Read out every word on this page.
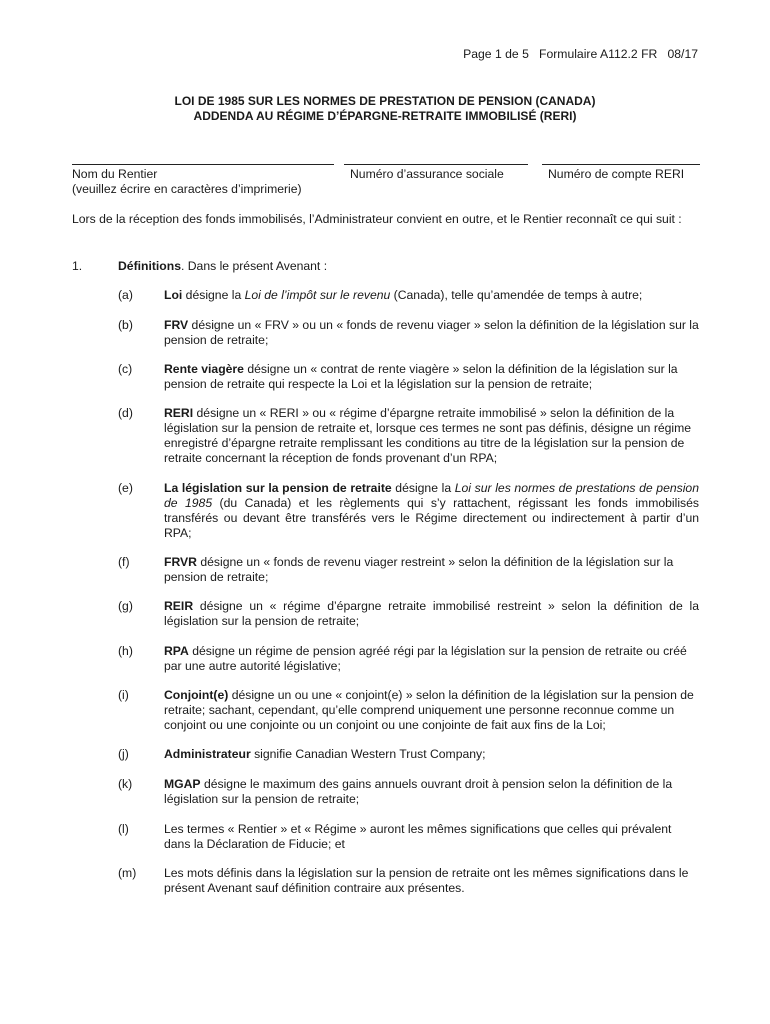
Page 1 de 5 Formulaire A112.2 FR 08/17
LOI DE 1985 SUR LES NORMES DE PRESTATION DE PENSION (CANADA)
ADDENDA AU RÉGIME D’ÉPARGNE-RETRAITE IMMOBILISÉ (RERI)
Nom du Rentier
(veuillez écrire en caractères d’imprimerie)
Numéro d’assurance sociale	Numéro de compte RERI
Lors de la réception des fonds immobilisés, l’Administrateur convient en outre, et le Rentier reconnaît ce qui suit :
1.	Définitions. Dans le présent Avenant :
(a)	Loi désigne la Loi de l’impôt sur le revenu (Canada), telle qu’amendée de temps à autre;
(b)	FRV désigne un « FRV » ou un « fonds de revenu viager » selon la définition de la législation sur la pension de retraite;
(c)	Rente viagère désigne un « contrat de rente viagère » selon la définition de la législation sur la pension de retraite qui respecte la Loi et la législation sur la pension de retraite;
(d)	RERI désigne un « RERI » ou « régime d’épargne retraite immobilisé » selon la définition de la législation sur la pension de retraite et, lorsque ces termes ne sont pas définis, désigne un régime enregistré d’épargne retraite remplissant les conditions au titre de la législation sur la pension de retraite concernant la réception de fonds provenant d’un RPA;
(e)	La législation sur la pension de retraite désigne la Loi sur les normes de prestations de pension de 1985 (du Canada) et les règlements qui s’y rattachent, régissant les fonds immobilisés transférés ou devant être transférés vers le Régime directement ou indirectement à partir d’un RPA;
(f)	FRVR désigne un « fonds de revenu viager restreint » selon la définition de la législation sur la pension de retraite;
(g)	REIR désigne un « régime d’épargne retraite immobilisé restreint » selon la définition de la législation sur la pension de retraite;
(h)	RPA désigne un régime de pension agréé régi par la législation sur la pension de retraite ou créé par une autre autorité législative;
(i)	Conjoint(e) désigne un ou une « conjoint(e) » selon la définition de la législation sur la pension de retraite; sachant, cependant, qu’elle comprend uniquement une personne reconnue comme un conjoint ou une conjointe ou un conjoint ou une conjointe de fait aux fins de la Loi;
(j)	Administrateur signifie Canadian Western Trust Company;
(k)	MGAP désigne le maximum des gains annuels ouvrant droit à pension selon la définition de la législation sur la pension de retraite;
(l)	Les termes « Rentier » et « Régime » auront les mêmes significations que celles qui prévalent dans la Déclaration de Fiducie; et
(m) Les mots définis dans la législation sur la pension de retraite ont les mêmes significations dans le présent Avenant sauf définition contraire aux présentes.
